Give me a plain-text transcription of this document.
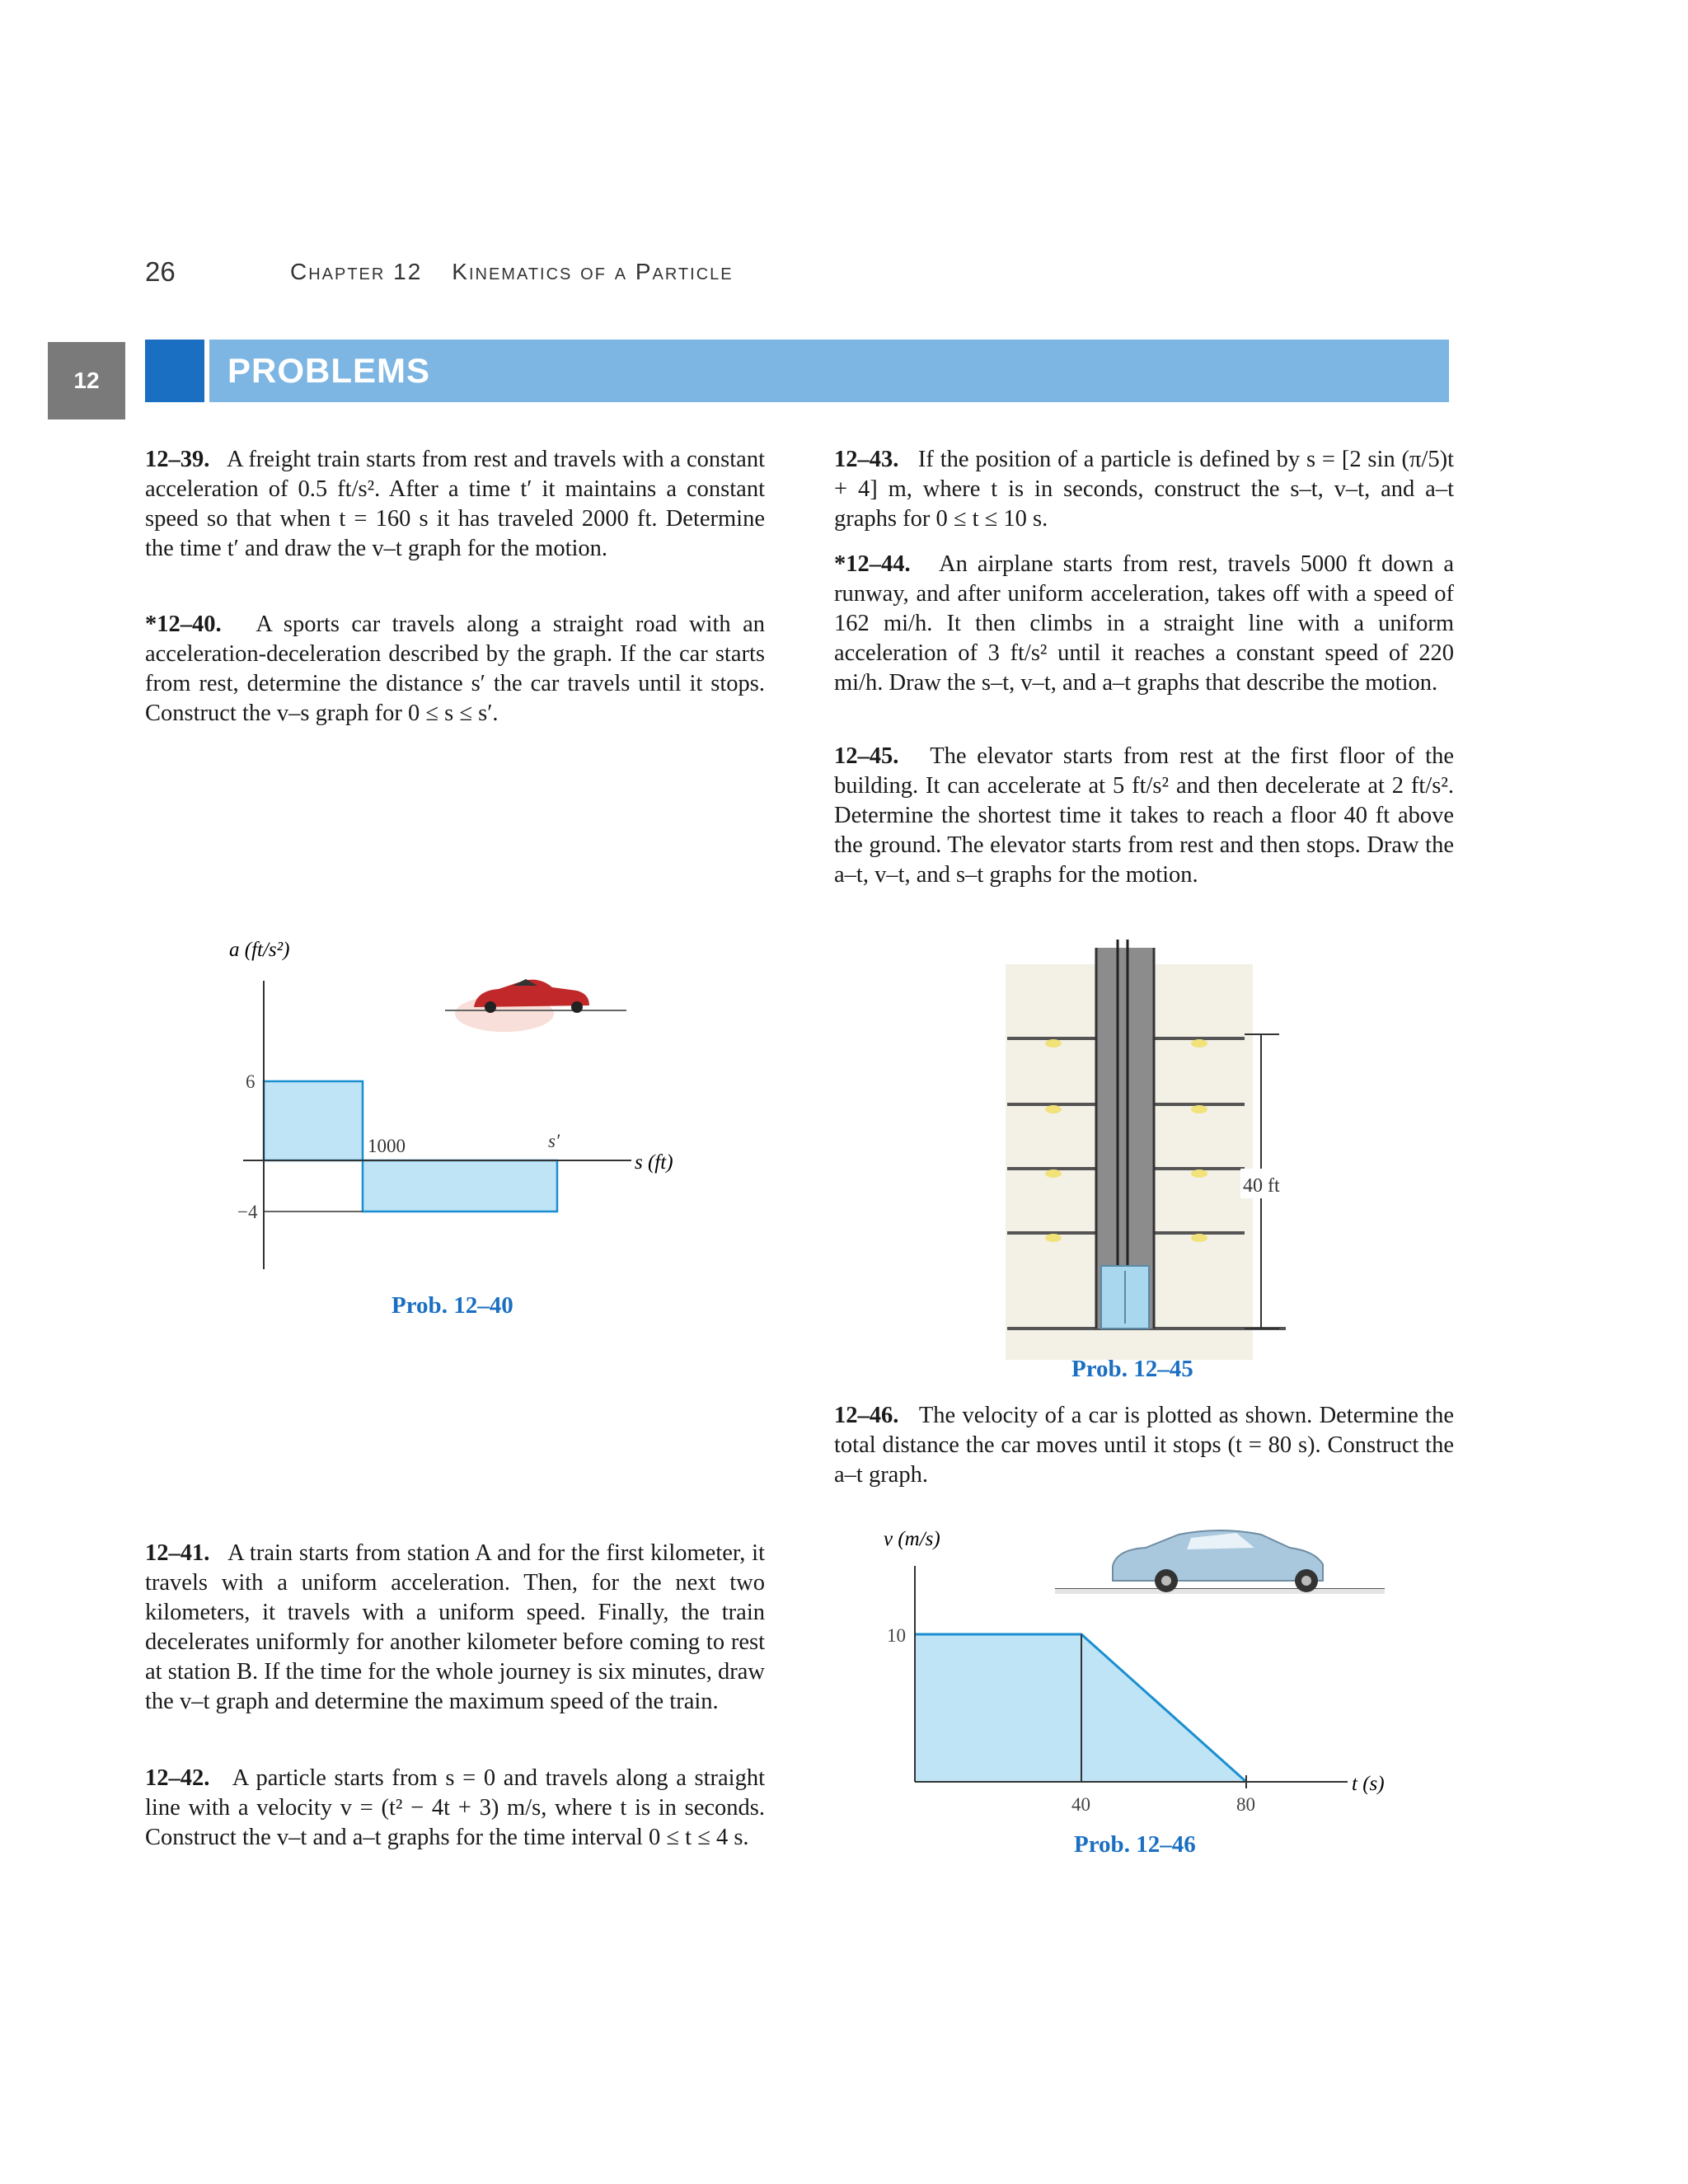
26	Chapter 12 Kinematics of a Particle
12	PROBLEMS
12–39. A freight train starts from rest and travels with a constant acceleration of 0.5 ft/s². After a time t′ it maintains a constant speed so that when t = 160 s it has traveled 2000 ft. Determine the time t′ and draw the v–t graph for the motion.
*12–40. A sports car travels along a straight road with an acceleration-deceleration described by the graph. If the car starts from rest, determine the distance s′ the car travels until it stops. Construct the v–s graph for 0 ≤ s ≤ s′.
12–41. A train starts from station A and for the first kilometer, it travels with a uniform acceleration. Then, for the next two kilometers, it travels with a uniform speed. Finally, the train decelerates uniformly for another kilometer before coming to rest at station B. If the time for the whole journey is six minutes, draw the v–t graph and determine the maximum speed of the train.
12–42. A particle starts from s = 0 and travels along a straight line with a velocity v = (t² − 4t + 3) m/s, where t is in seconds. Construct the v–t and a–t graphs for the time interval 0 ≤ t ≤ 4 s.
12–43. If the position of a particle is defined by s = [2 sin (π/5)t + 4] m, where t is in seconds, construct the s–t, v–t, and a–t graphs for 0 ≤ t ≤ 10 s.
*12–44. An airplane starts from rest, travels 5000 ft down a runway, and after uniform acceleration, takes off with a speed of 162 mi/h. It then climbs in a straight line with a uniform acceleration of 3 ft/s² until it reaches a constant speed of 220 mi/h. Draw the s–t, v–t, and a–t graphs that describe the motion.
12–45. The elevator starts from rest at the first floor of the building. It can accelerate at 5 ft/s² and then decelerate at 2 ft/s². Determine the shortest time it takes to reach a floor 40 ft above the ground. The elevator starts from rest and then stops. Draw the a–t, v–t, and s–t graphs for the motion.
12–46. The velocity of a car is plotted as shown. Determine the total distance the car moves until it stops (t = 80 s). Construct the a–t graph.
a (ft/s²)
s (ft)
6
−4
1000	s′
Prob. 12–40
40 ft
Prob. 12–45
v (m/s)
t (s)
10
40	80
Prob. 12–46
